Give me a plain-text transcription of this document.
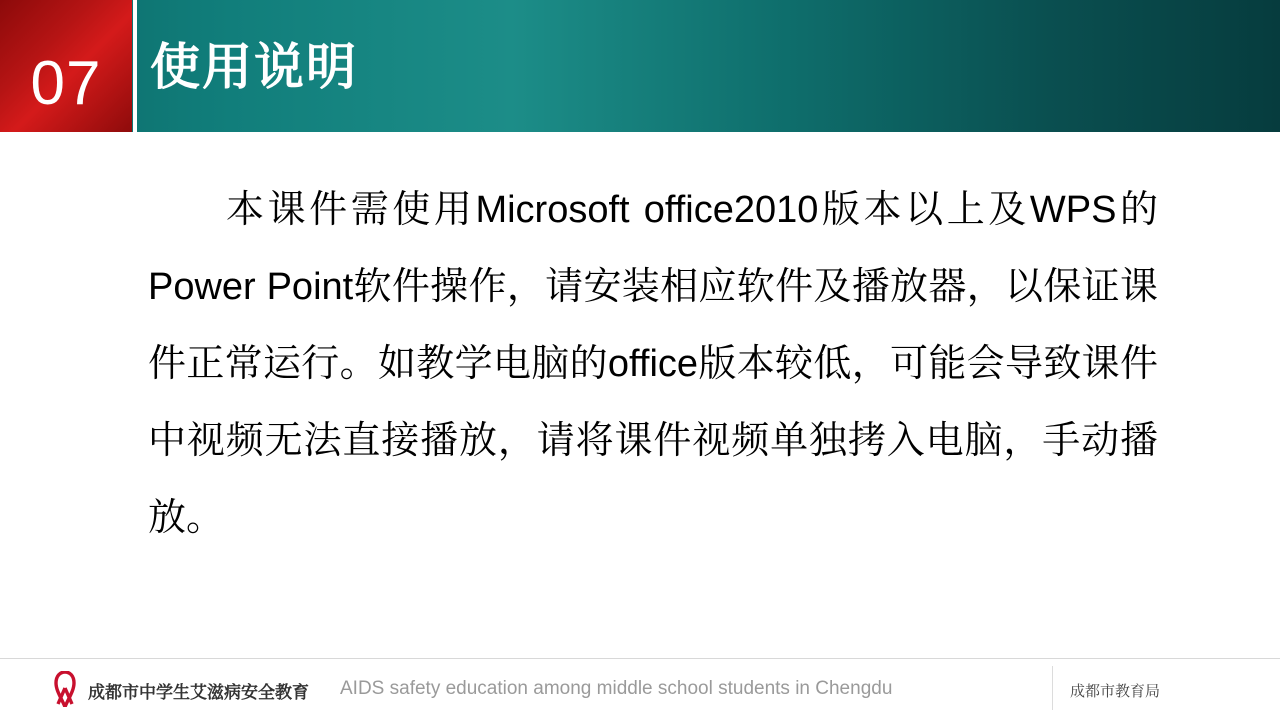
07 使用说明
本课件需使用Microsoft office2010版本以上及WPS的Power Point软件操作，请安装相应软件及播放器，以保证课件正常运行。如教学电脑的office版本较低，可能会导致课件中视频无法直接播放，请将课件视频单独拷入电脑，手动播放。
成都市中学生艾滋病安全教育 AIDS safety education among middle school students in Chengdu	成都市教育局
